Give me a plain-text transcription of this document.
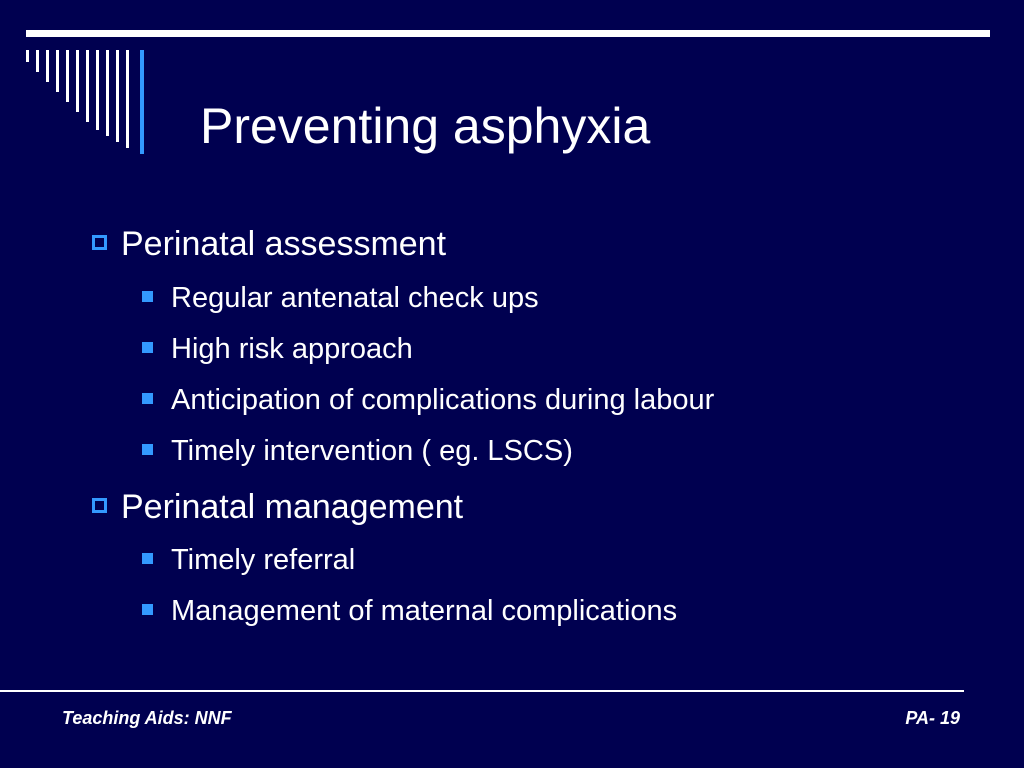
Preventing asphyxia
Perinatal assessment
Regular antenatal check ups
High risk approach
Anticipation of complications during labour
Timely intervention ( eg. LSCS)
Perinatal management
Timely referral
Management of maternal complications
Teaching Aids: NNF	PA- 19
